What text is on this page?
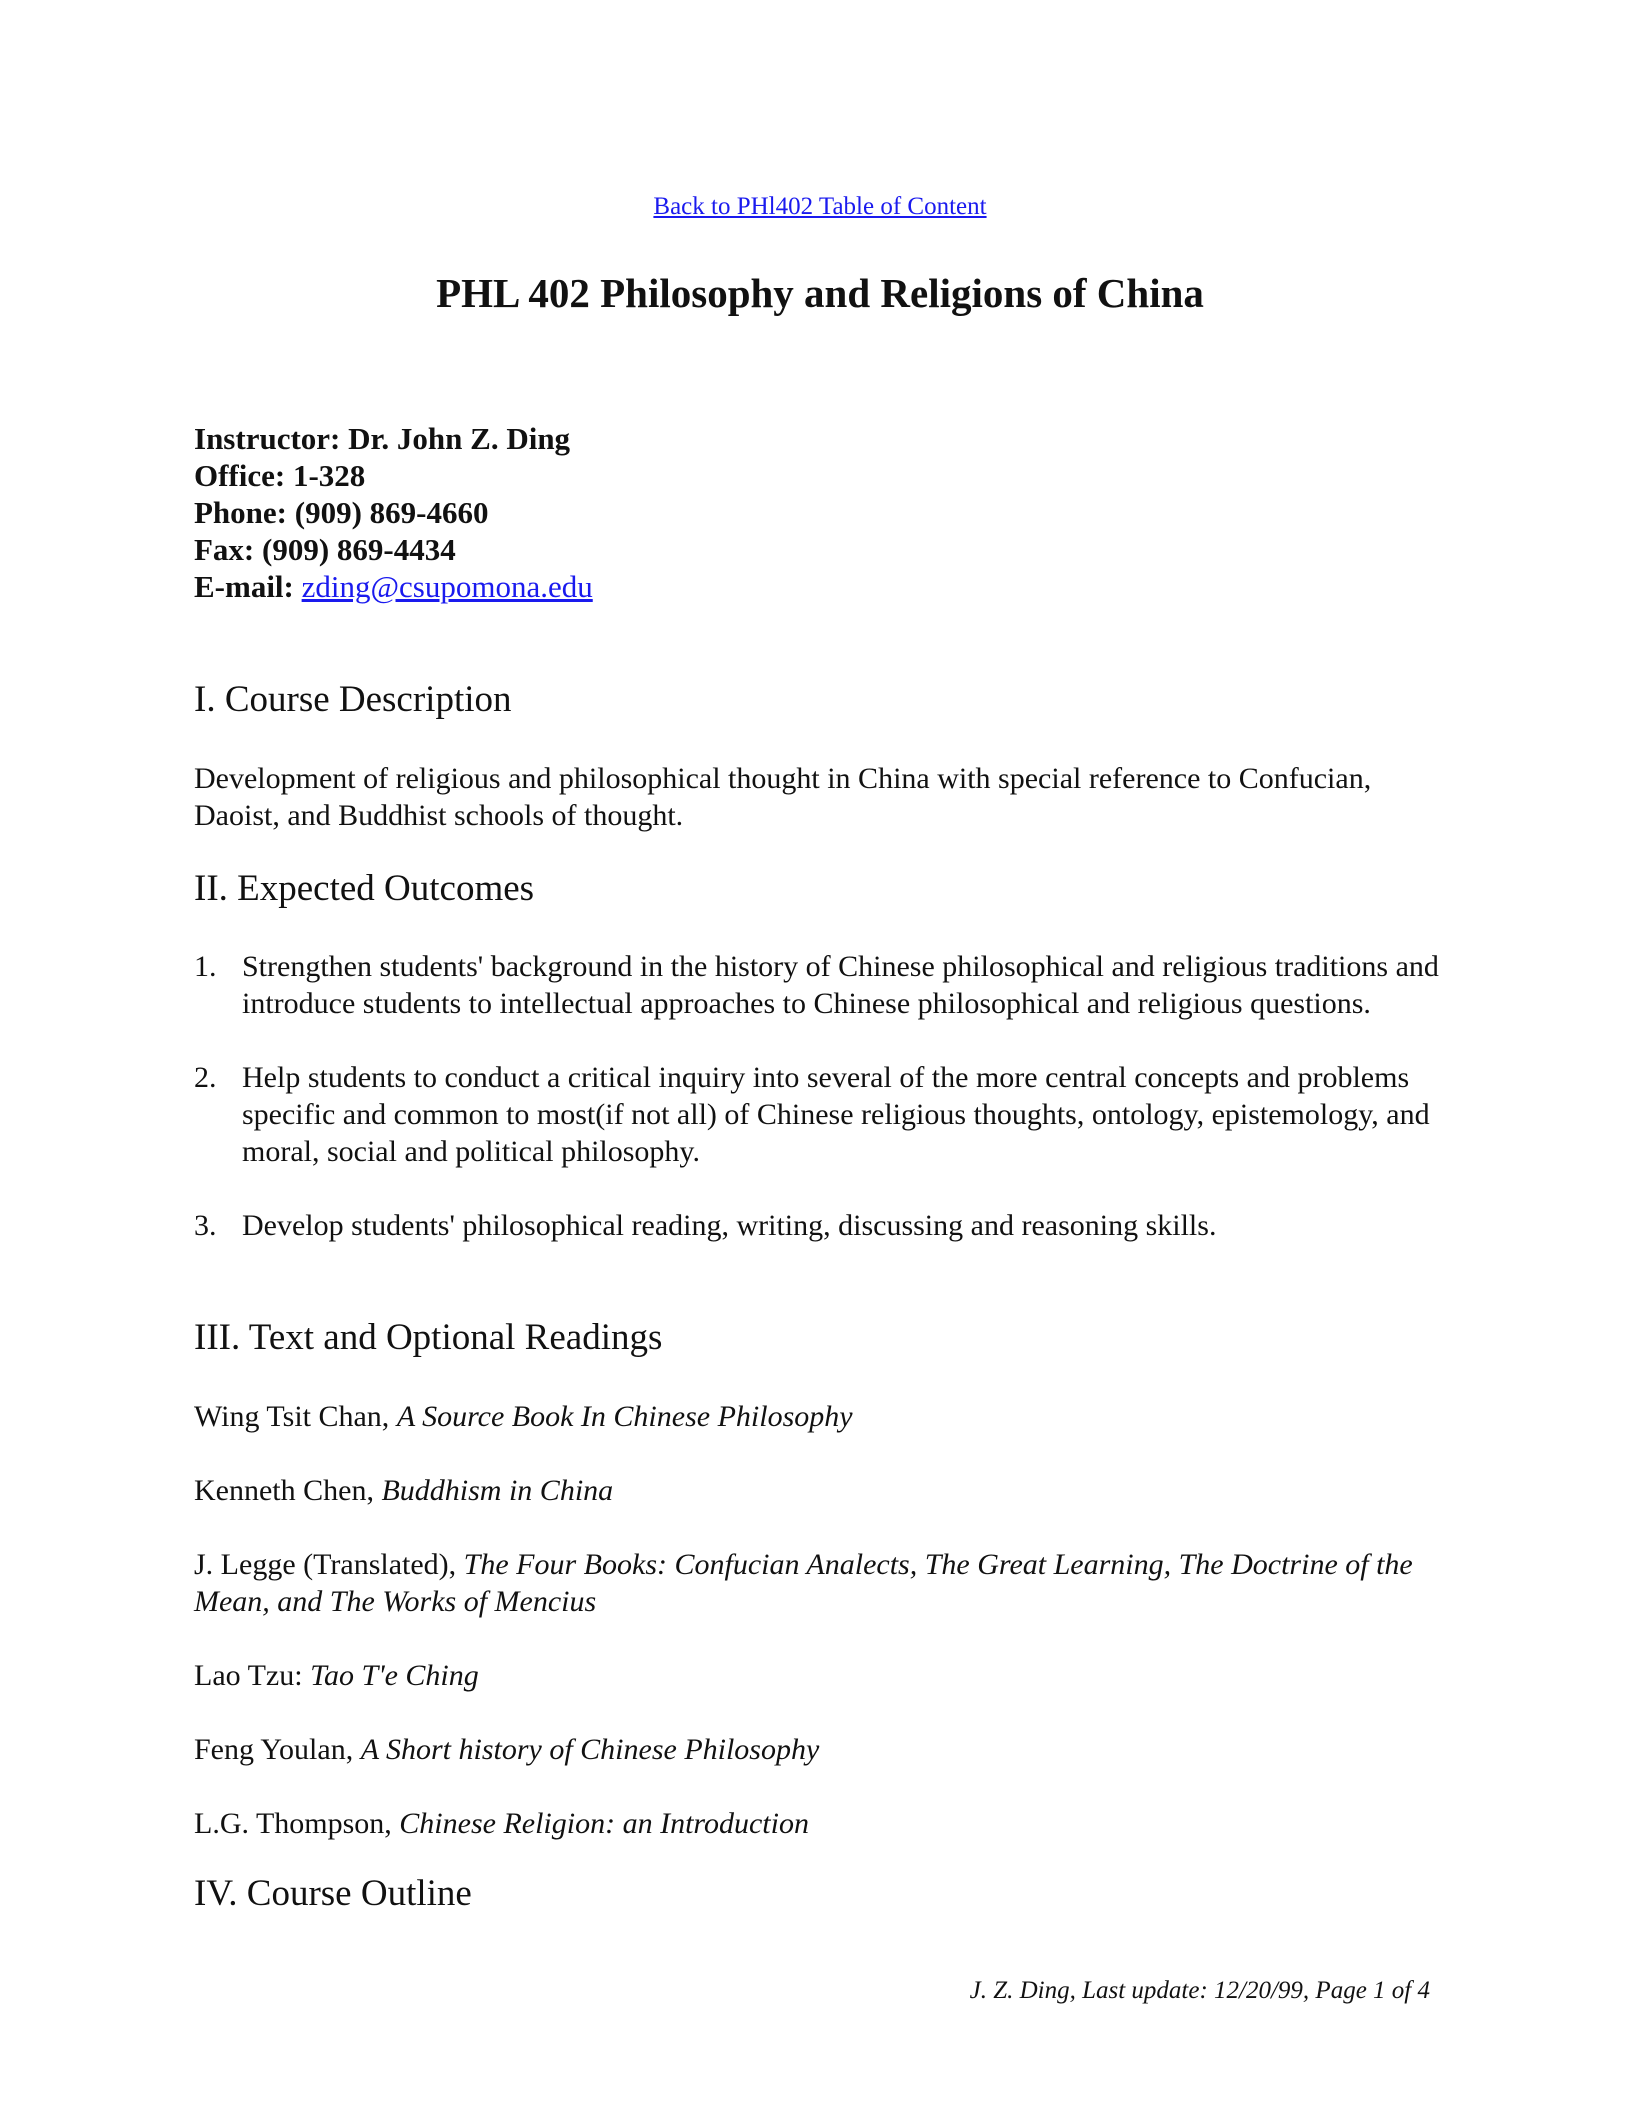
Back to PHl402 Table of Content
PHL 402 Philosophy and Religions of China
Instructor: Dr. John Z. Ding
Office: 1-328
Phone: (909) 869-4660
Fax: (909) 869-4434
E-mail: zding@csupomona.edu
I. Course Description

Development of religious and philosophical thought in China with special reference to Confucian, Daoist, and Buddhist schools of thought.

II. Expected Outcomes
1. Strengthen students' background in the history of Chinese philosophical and religious traditions and introduce students to intellectual approaches to Chinese philosophical and religious questions.
2. Help students to conduct a critical inquiry into several of the more central concepts and problems specific and common to most(if not all) of Chinese religious thoughts, ontology, epistemology, and moral, social and political philosophy.
3. Develop students' philosophical reading, writing, discussing and reasoning skills.
III. Text and Optional Readings

Wing Tsit Chan, A Source Book In Chinese Philosophy

Kenneth Chen, Buddhism in China

J. Legge (Translated), The Four Books: Confucian Analects, The Great Learning, The Doctrine of the Mean, and The Works of Mencius

Lao Tzu: Tao T'e Ching

Feng Youlan, A Short history of Chinese Philosophy

L.G. Thompson, Chinese Religion: an Introduction

IV. Course Outline
J. Z. Ding, Last update: 12/20/99, Page 1 of 4
